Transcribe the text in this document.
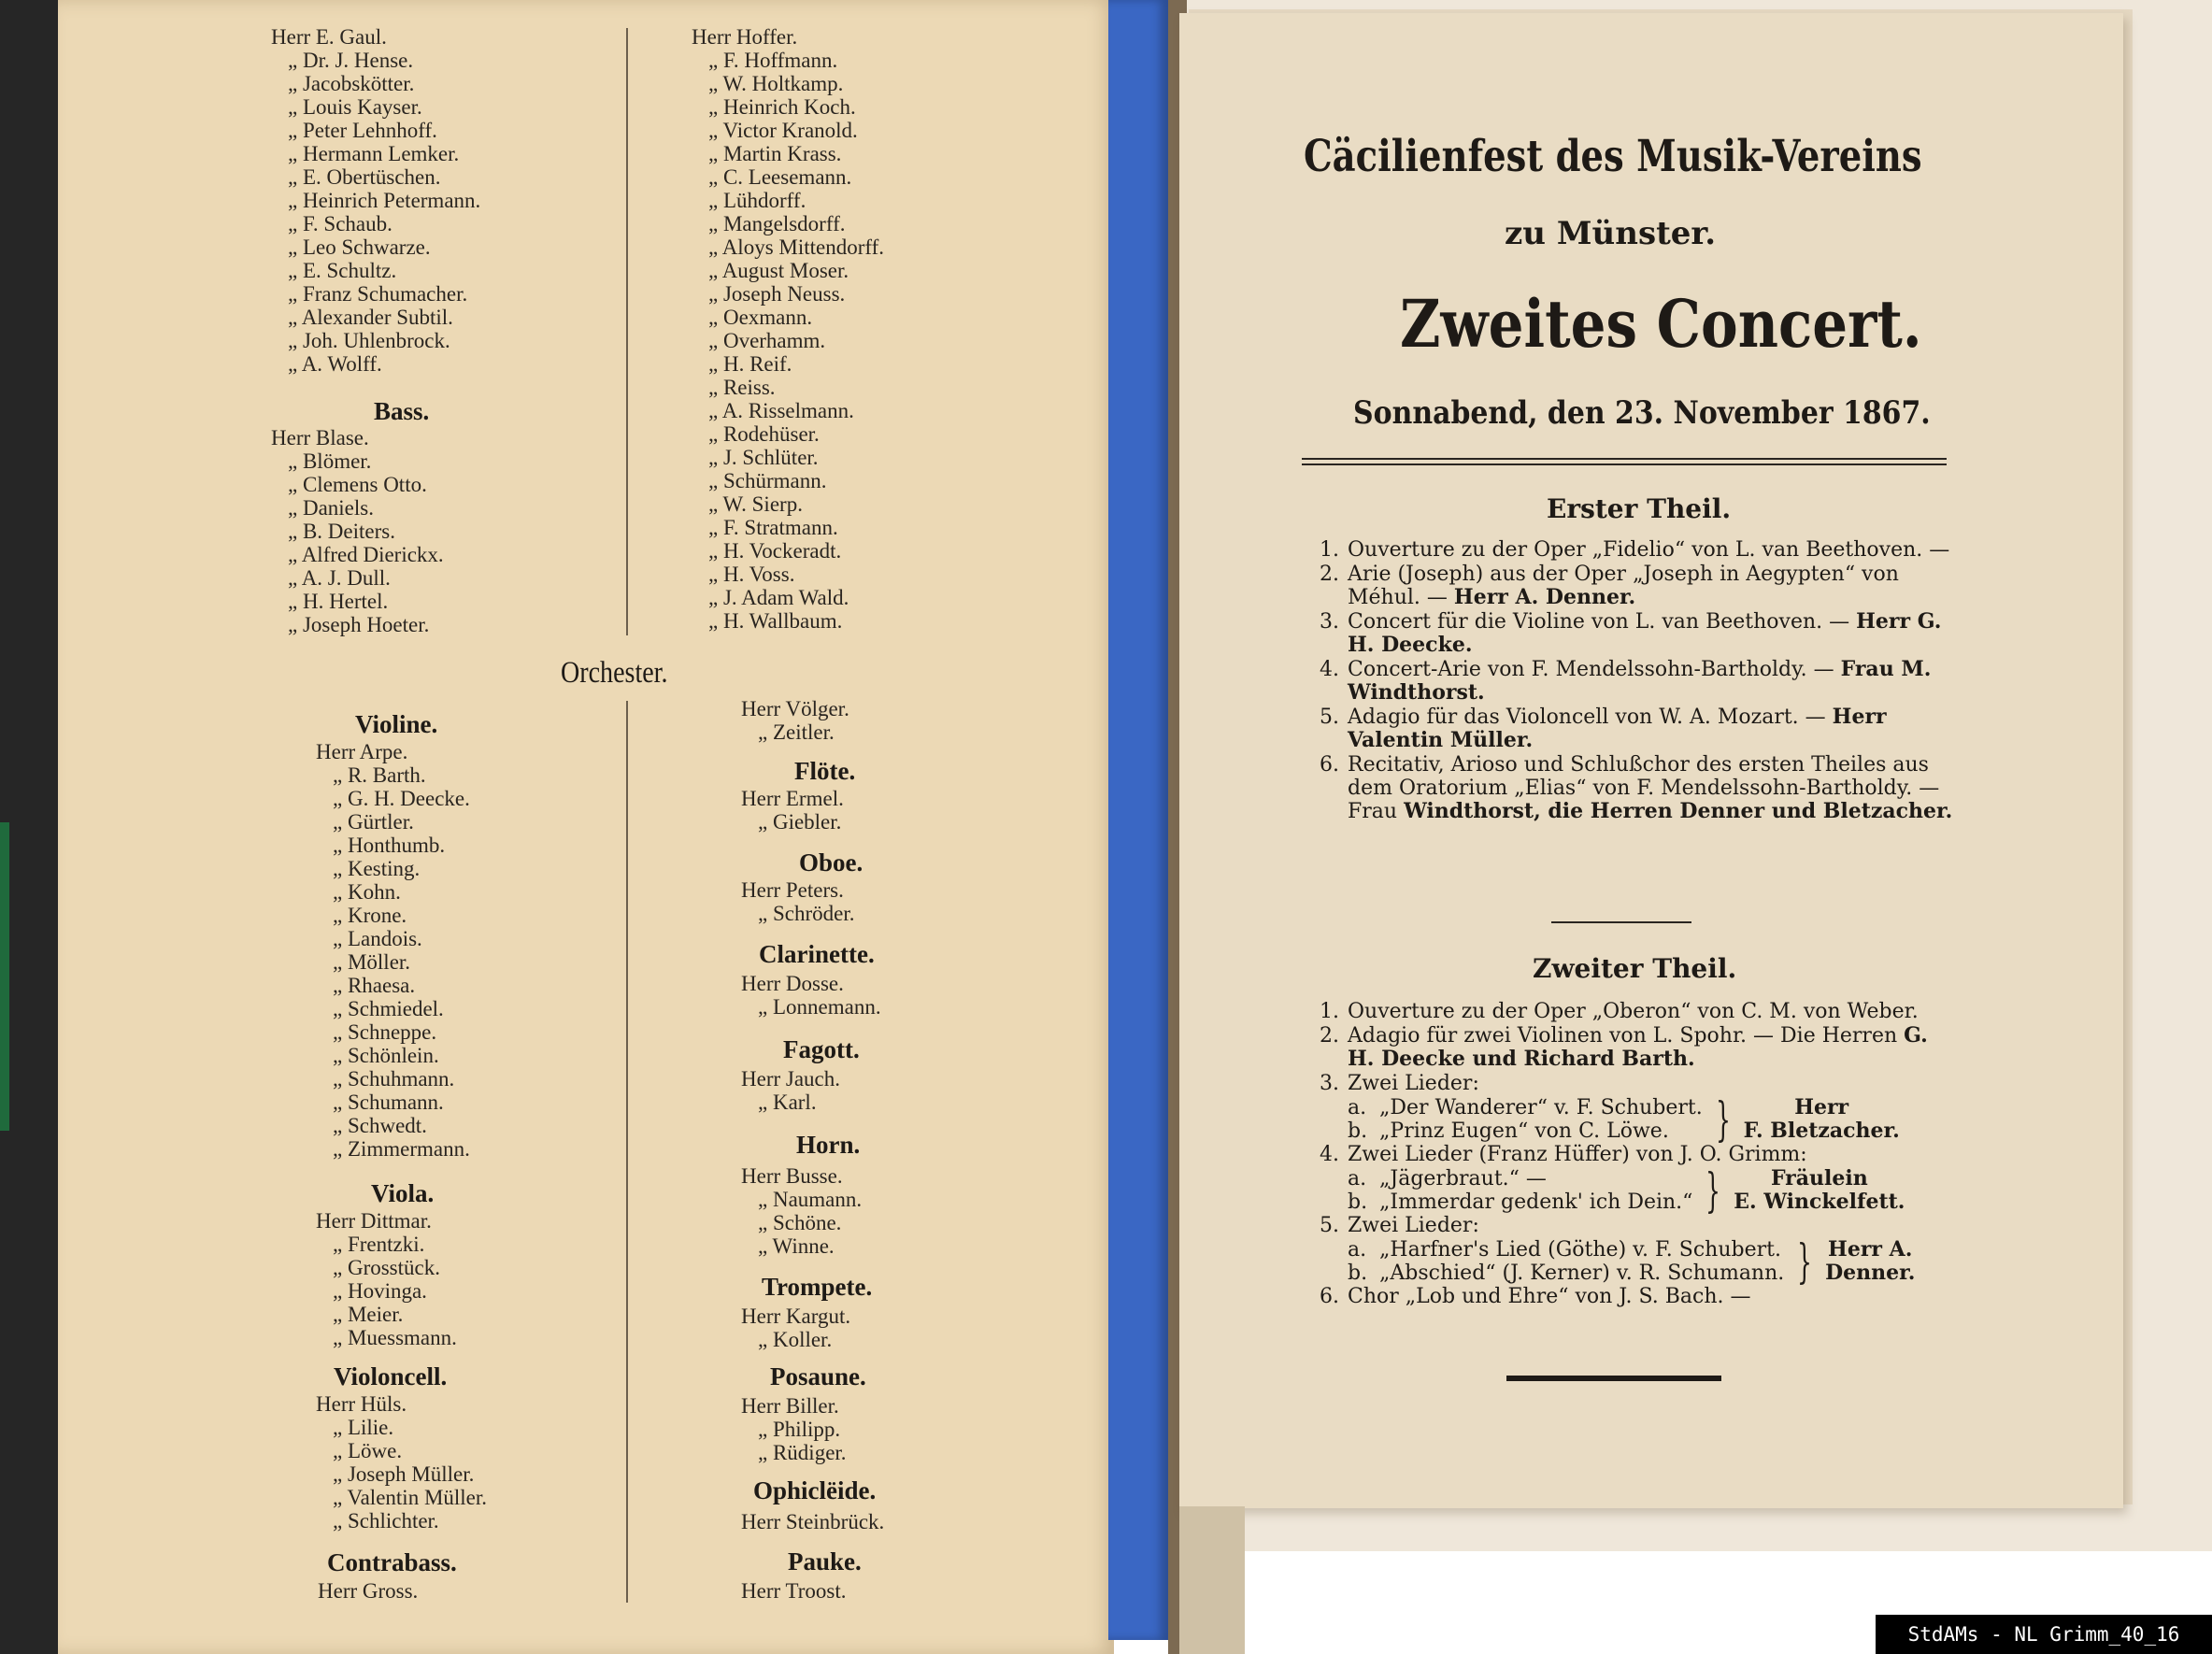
Herr E. Gaul.
„ Dr. J. Hense.
„ Jacobskötter.
„ Louis Kayser.
„ Peter Lehnhoff.
„ Hermann Lemker.
„ E. Obertüschen.
„ Heinrich Petermann.
„ F. Schaub.
„ Leo Schwarze.
„ E. Schultz.
„ Franz Schumacher.
„ Alexander Subtil.
„ Joh. Uhlenbrock.
„ A. Wolff.
Bass.
Herr Blase.
„ Blömer.
„ Clemens Otto.
„ Daniels.
„ B. Deiters.
„ Alfred Dierickx.
„ A. J. Dull.
„ H. Hertel.
„ Joseph Hoeter.
Herr Hoffer.
„ F. Hoffmann.
„ W. Holtkamp.
„ Heinrich Koch.
„ Victor Kranold.
„ Martin Krass.
„ C. Leesemann.
„ Lühdorff.
„ Mangelsdorff.
„ Aloys Mittendorff.
„ August Moser.
„ Joseph Neuss.
„ Oexmann.
„ Overhamm.
„ H. Reif.
„ Reiss.
„ A. Risselmann.
„ Rodehüser.
„ J. Schlüter.
„ Schürmann.
„ W. Sierp.
„ F. Stratmann.
„ H. Vockeradt.
„ H. Voss.
„ J. Adam Wald.
„ H. Wallbaum.
Orchester.
Violine.
Herr Arpe.
„ R. Barth.
„ G. H. Deecke.
„ Gürtler.
„ Honthumb.
„ Kesting.
„ Kohn.
„ Krone.
„ Landois.
„ Möller.
„ Rhaesa.
„ Schmiedel.
„ Schneppe.
„ Schönlein.
„ Schuhmann.
„ Schumann.
„ Schwedt.
„ Zimmermann.
Viola.
Herr Dittmar.
„ Frentzki.
„ Grosstück.
„ Hovinga.
„ Meier.
„ Muessmann.
Violoncell.
Herr Hüls.
„ Lilie.
„ Löwe.
„ Joseph Müller.
„ Valentin Müller.
„ Schlichter.
Contrabass.
Herr Gross.
Herr Völger.
„ Zeitler.
Flöte.
Herr Ermel.
„ Giebler.
Oboe.
Herr Peters.
„ Schröder.
Clarinette.
Herr Dosse.
„ Lonnemann.
Fagott.
Herr Jauch.
„ Karl.
Horn.
Herr Busse.
„ Naumann.
„ Schöne.
„ Winne.
Trompete.
Herr Kargut.
„ Koller.
Posaune.
Herr Biller.
„ Philipp.
„ Rüdiger.
Ophiclëide.
Herr Steinbrück.
Pauke.
Herr Troost.
Cäcilienfest des Musik-Vereins
zu Münster.
Zweites Concert.
Sonnabend, den 23. November 1867.
Erster Theil.
1. Ouverture zu der Oper „Fidelio“ von L. van Beethoven. —
2. Arie (Joseph) aus der Oper „Joseph in Aegypten“ von Méhul. — Herr A. Denner.
3. Concert für die Violine von L. van Beethoven. — Herr G. H. Deecke.
4. Concert-Arie von F. Mendelssohn-Bartholdy. — Frau M. Windthorst.
5. Adagio für das Violoncell von W. A. Mozart. — Herr Valentin Müller.
6. Recitativ, Arioso und Schlußchor des ersten Theiles aus dem Oratorium „Elias“ von F. Mendelssohn-Bartholdy. — Frau Windthorst, die Herren Denner und Bletzacher.
Zweiter Theil.
1. Ouverture zu der Oper „Oberon“ von C. M. von Weber.
2. Adagio für zwei Violinen von L. Spohr. — Die Herren G. H. Deecke und Richard Barth.
3. Zwei Lieder:
a. „Der Wanderer“ v. F. Schubert.
b. „Prinz Eugen“ von C. Löwe. }	Herr
F. Bletzacher.
4. Zwei Lieder (Franz Hüffer) von J. O. Grimm:
a. „Jägerbraut.“ —
b. „Immerdar gedenk' ich Dein.“ }	Fräulein
E. Winckelfett.
5. Zwei Lieder:
a. „Harfner's Lied (Göthe) v. F. Schubert.
b. „Abschied“ (J. Kerner) v. R. Schumann. } Herr A.
Denner.
6. Chor „Lob und Ehre“ von J. S. Bach. —
StdAMs - NL Grimm_40_16
